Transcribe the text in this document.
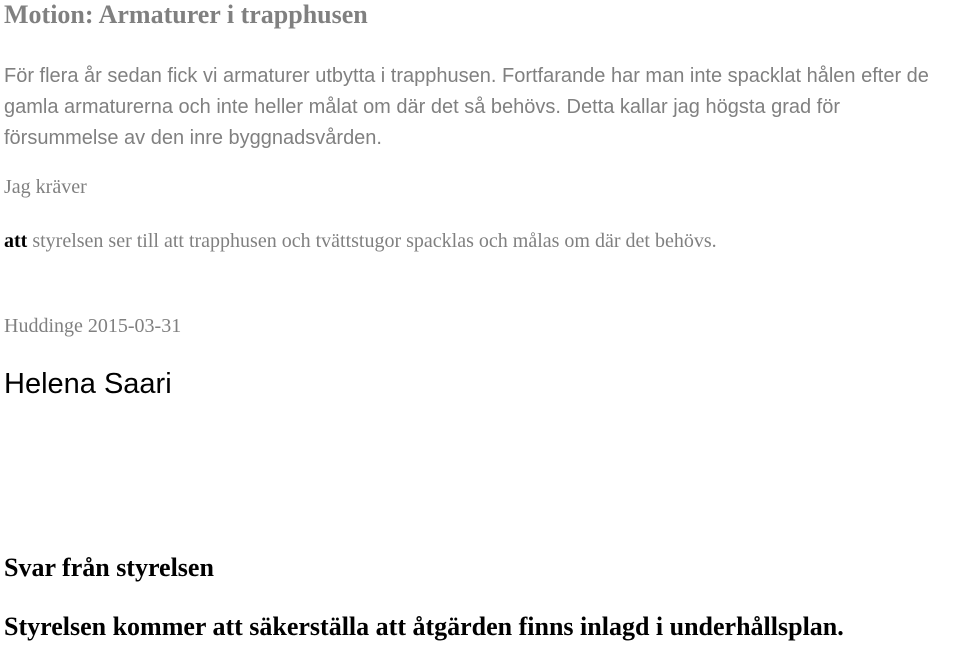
Motion: Armaturer i trapphusen
För flera år sedan fick vi armaturer utbytta i trapphusen. Fortfarande har man inte spacklat hålen efter de gamla armaturerna och inte heller målat om där det så behövs. Detta kallar jag högsta grad för försummelse av den inre byggnadsvården.
Jag kräver
att styrelsen ser till att trapphusen och tvättstugor spacklas och målas om där det behövs.
Huddinge 2015-03-31
Helena Saari
Svar från styrelsen
Styrelsen kommer att säkerställa att åtgärden finns inlagd i underhållsplan.
